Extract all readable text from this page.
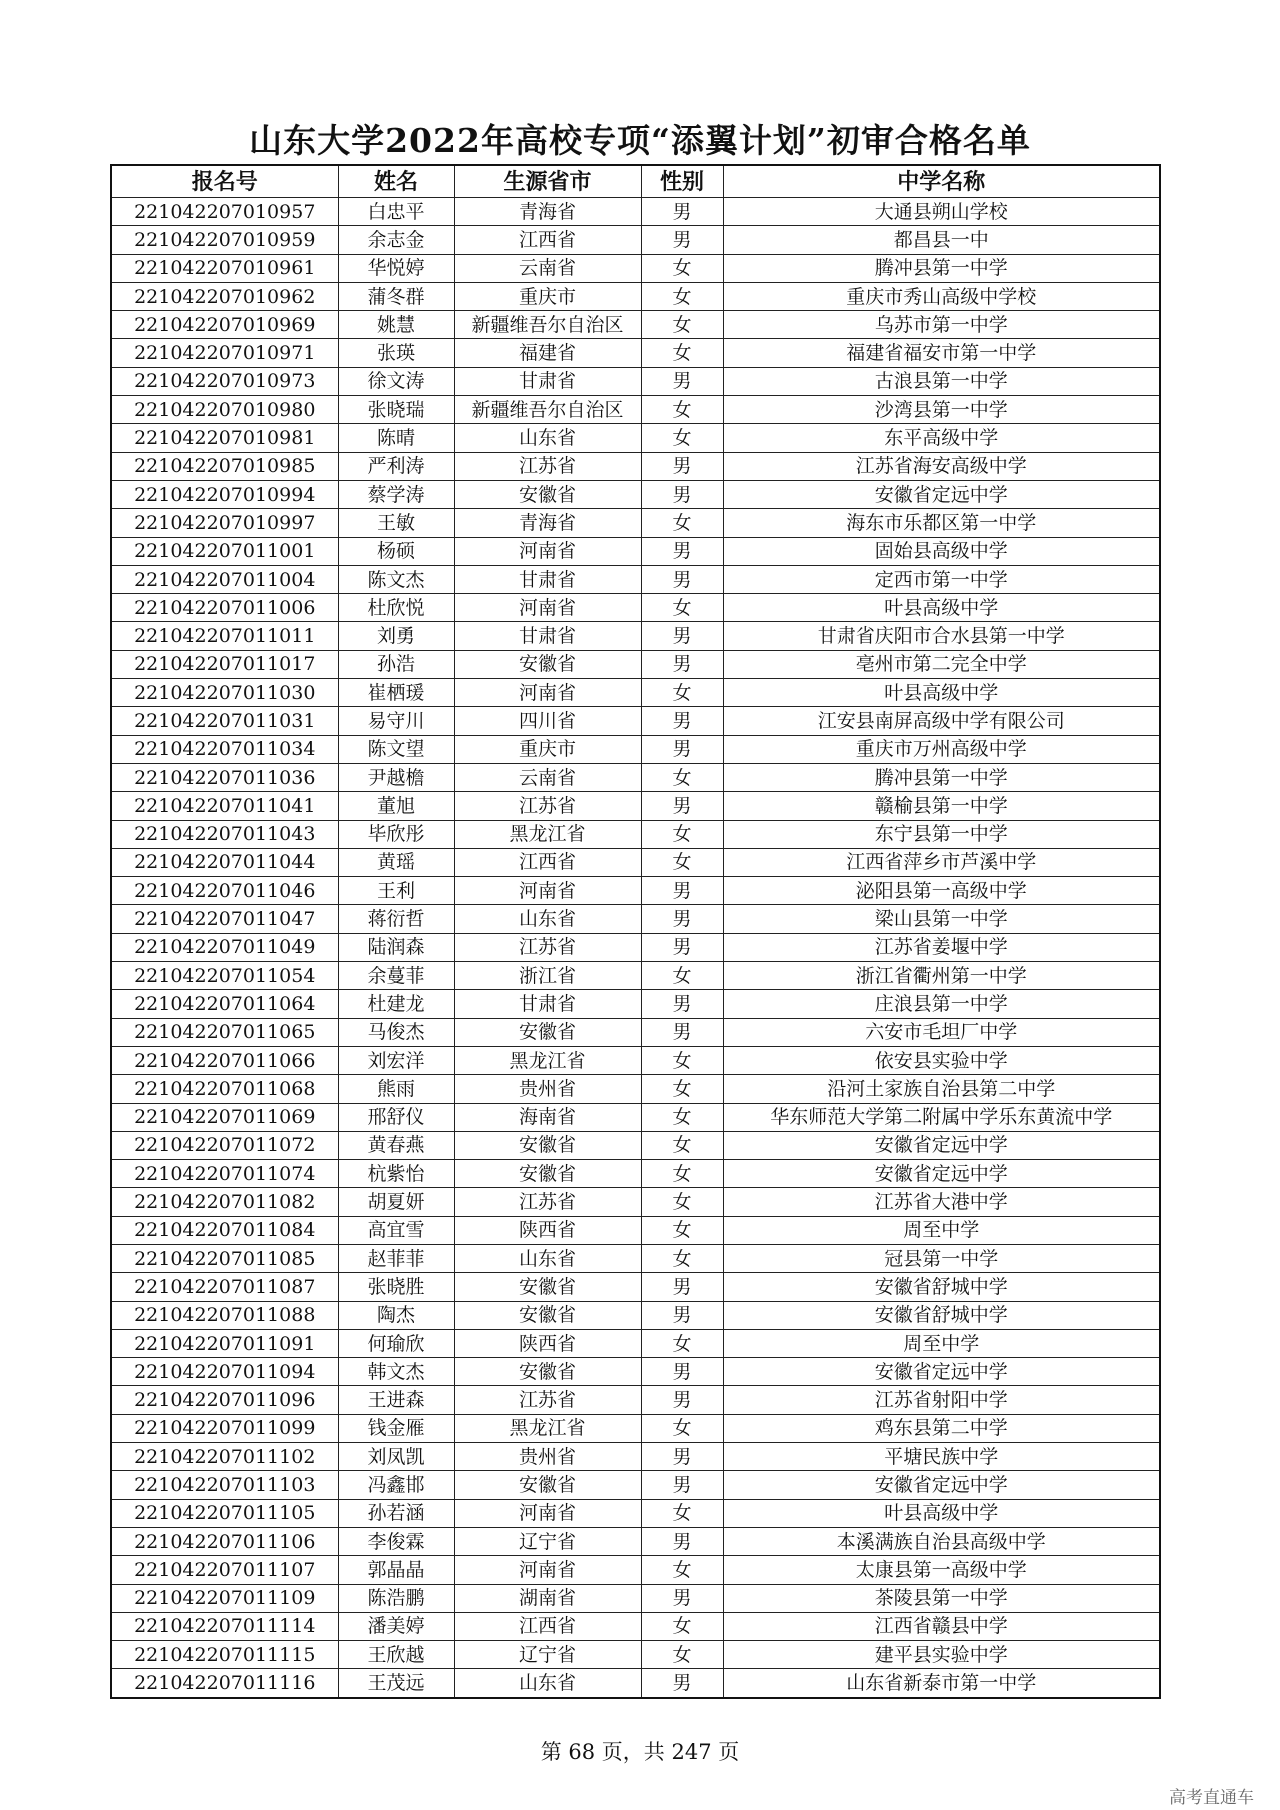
山东大学2022年高校专项“添翼计划”初审合格名单
报名号	姓名	生源省市	性别	中学名称
221042207010957	白忠平	青海省	男	大通县朔山学校
221042207010959	余志金	江西省	男	都昌县一中
221042207010961	华悦婷	云南省	女	腾冲县第一中学
221042207010962	蒲冬群	重庆市	女	重庆市秀山高级中学校
221042207010969	姚慧	新疆维吾尔自治区	女	乌苏市第一中学
221042207010971	张瑛	福建省	女	福建省福安市第一中学
221042207010973	徐文涛	甘肃省	男	古浪县第一中学
221042207010980	张晓瑞	新疆维吾尔自治区	女	沙湾县第一中学
221042207010981	陈晴	山东省	女	东平高级中学
221042207010985	严利涛	江苏省	男	江苏省海安高级中学
221042207010994	蔡学涛	安徽省	男	安徽省定远中学
221042207010997	王敏	青海省	女	海东市乐都区第一中学
221042207011001	杨硕	河南省	男	固始县高级中学
221042207011004	陈文杰	甘肃省	男	定西市第一中学
221042207011006	杜欣悦	河南省	女	叶县高级中学
221042207011011	刘勇	甘肃省	男	甘肃省庆阳市合水县第一中学
221042207011017	孙浩	安徽省	男	亳州市第二完全中学
221042207011030	崔栖瑗	河南省	女	叶县高级中学
221042207011031	易守川	四川省	男	江安县南屏高级中学有限公司
221042207011034	陈文望	重庆市	男	重庆市万州高级中学
221042207011036	尹越檐	云南省	女	腾冲县第一中学
221042207011041	董旭	江苏省	男	赣榆县第一中学
221042207011043	毕欣彤	黑龙江省	女	东宁县第一中学
221042207011044	黄瑶	江西省	女	江西省萍乡市芦溪中学
221042207011046	王利	河南省	男	泌阳县第一高级中学
221042207011047	蒋衍哲	山东省	男	梁山县第一中学
221042207011049	陆润森	江苏省	男	江苏省姜堰中学
221042207011054	余蔓菲	浙江省	女	浙江省衢州第一中学
221042207011064	杜建龙	甘肃省	男	庄浪县第一中学
221042207011065	马俊杰	安徽省	男	六安市毛坦厂中学
221042207011066	刘宏洋	黑龙江省	女	依安县实验中学
221042207011068	熊雨	贵州省	女	沿河土家族自治县第二中学
221042207011069	邢舒仪	海南省	女	华东师范大学第二附属中学乐东黄流中学
221042207011072	黄春燕	安徽省	女	安徽省定远中学
221042207011074	杭紫怡	安徽省	女	安徽省定远中学
221042207011082	胡夏妍	江苏省	女	江苏省大港中学
221042207011084	高宜雪	陕西省	女	周至中学
221042207011085	赵菲菲	山东省	女	冠县第一中学
221042207011087	张晓胜	安徽省	男	安徽省舒城中学
221042207011088	陶杰	安徽省	男	安徽省舒城中学
221042207011091	何瑜欣	陕西省	女	周至中学
221042207011094	韩文杰	安徽省	男	安徽省定远中学
221042207011096	王进森	江苏省	男	江苏省射阳中学
221042207011099	钱金雁	黑龙江省	女	鸡东县第二中学
221042207011102	刘凤凯	贵州省	男	平塘民族中学
221042207011103	冯鑫邯	安徽省	男	安徽省定远中学
221042207011105	孙若涵	河南省	女	叶县高级中学
221042207011106	李俊霖	辽宁省	男	本溪满族自治县高级中学
221042207011107	郭晶晶	河南省	女	太康县第一高级中学
221042207011109	陈浩鹏	湖南省	男	茶陵县第一中学
221042207011114	潘美婷	江西省	女	江西省赣县中学
221042207011115	王欣越	辽宁省	女	建平县实验中学
221042207011116	王茂远	山东省	男	山东省新泰市第一中学
第 68 页，共 247 页
高考直通车
